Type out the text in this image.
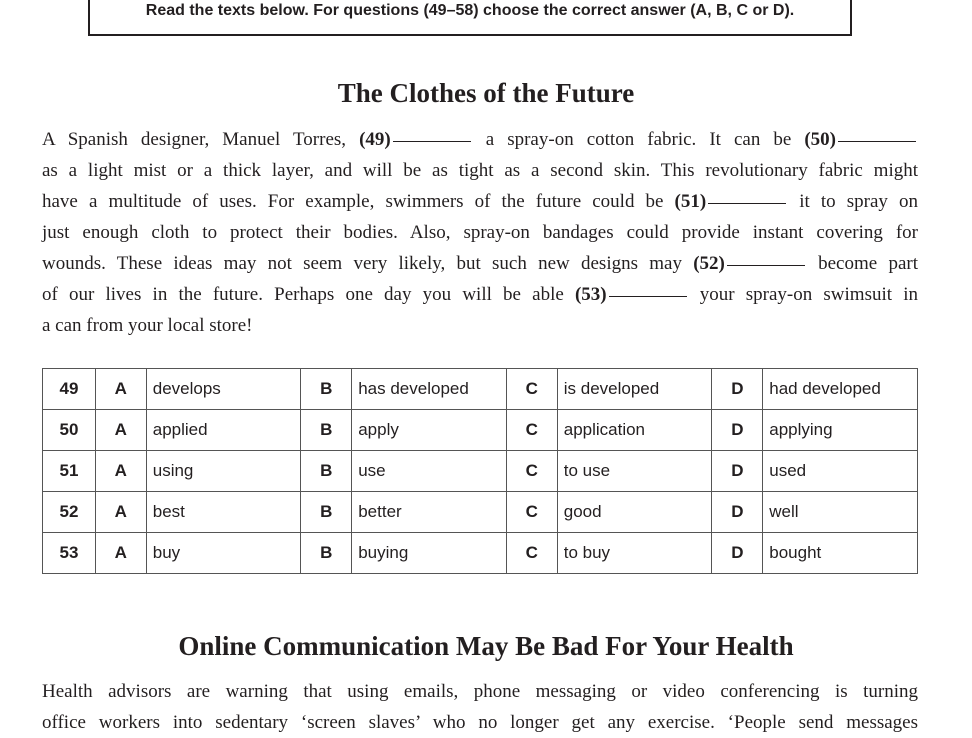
Read the texts below. For questions (49–58) choose the correct answer (A, B, C or D).
The Clothes of the Future
A Spanish designer, Manuel Torres, (49)	a spray-on cotton fabric. It can be (50)
as a light mist or a thick layer, and will be as tight as a second skin. This revolutionary fabric might
have a multitude of uses. For example, swimmers of the future could be (51)	it to spray on
just enough cloth to protect their bodies. Also, spray-on bandages could provide instant covering for
wounds. These ideas may not seem very likely, but such new designs may (52)	become part
of our lives in the future. Perhaps one day you will be able (53)	your spray-on swimsuit in
a can from your local store!
49	A	develops	B	has developed	C	is developed	D	had developed
50	A	applied	B	apply	C	application	D	applying
51	A	using	B	use	C	to use	D	used
52	A	best	B	better	C	good	D	well
53	A	buy	B	buying	C	to buy	D	bought
Online Communication May Be Bad For Your Health
Health advisors are warning that using emails, phone messaging or video conferencing is turning
office workers into sedentary ‘screen slaves’ who no longer get any exercise. ‘People send messages
